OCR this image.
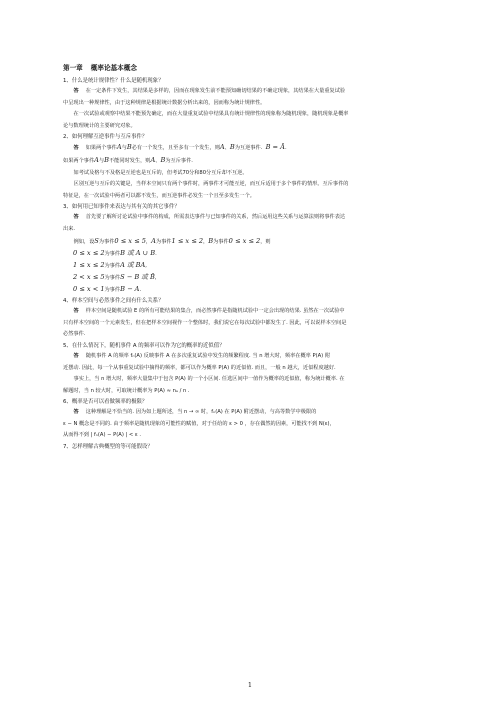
第一章 概率论基本概念

1、什么是统计规律性？什么是随机现象？

答 在一定条件下发生，其结果是多样的，因而在现象发生前不能预知确切结果的不确定现象，其结果在大量重复试验
中呈现出一种规律性，由于这种规律是根据统计数据分析出来的，因而称为统计规律性。

在一次试验或观察中结果不能预先确定，而在大量重复试验中结果具有统计规律性的现象称为随机现象，随机现象是概率
论与数理统计的主要研究对象。

2、如何理解互逆事件与互斥事件？

答 如果两个事件A与B必有一个发生，且至多有一个发生，则A、B为互逆事件. B = Ā.

如果两个事件A与B不能同时发生，则A、B为互斥事件.

如考试及格与不及格是互逆也是互斥的，但考试70分和80分互斥却不互逆。

区别互逆与互斥的关键是，当样本空间只有两个事件时，两事件才可能互逆，而互斥适用于多个事件的情形。互斥事件的
特征是，在一次试验中两者可以都不发生，而互逆事件必发生一个且至多发生一个。

3、如何用已知事件来表达与其有关的其它事件？

答 首先要了解所讨论试验中事件的构成，所需表达事件与已知事件的关系，然后运用这些关系与运算法则将事件表达
出来.

例如，设S为事件0 ≤ x ≤ 5，A为事件1 ≤ x ≤ 2，B为事件0 ≤ x ≤ 2，则

0 ≤ x ≤ 2为事件B 或 A ∪ B.

1 ≤ x ≤ 2为事件A 或 BA,

2 < x ≤ 5为事件S − B 或 B̄,

0 ≤ x < 1为事件B − A.

4、样本空间与必然事件之间有什么关系？

答 样本空间是随机试验 E 的所有可能结果的集合，而必然事件是指随机试验中一定会出现的结果. 虽然在一次试验中
只有样本空间的一个元素发生，但在把样本空间视作一个整体时，我们说它在每次试验中都发生了. 因此，可以说样本空间是
必然事件.

5、在什么情况下，随机事件 A 的频率可以作为它的概率的近似值？

答 随机事件 A 的频率 fₙ(A) 反映事件 A 在多次重复试验中发生的频繁程度. 当 n 增大时，频率在概率 P(A) 附
近摆动. 因此，每一个从事重复试验中摘得的频率，都可以作为概率 P(A) 的近似值. 而且，一般 n 越大，近似程度越好.

事实上，当 n 增大时，频率大量集中于包含 P(A) 的一个小区间. 任选区间中一值作为概率的近似值，称为统计概率. 在
解题时，当 n 较大时，可取统计概率为 P(A) ≈ nₐ / n .

6、概率是否可以看做频率的极限？

答 这种理解是不恰当的. 因为如上题所述，当 n → ∞ 时，fₙ(A) 在 P(A) 附近摆动，与高等数学中极限的
ε − N 概念是不同的. 由于频率是随机现象的可能性的赋值，对于任给的 ε > 0 ，存在偶然的因素，可能找不到 N(ε)，
从而得不到 | fₙ(A) − P(A) | < ε .

7、怎样理解古典概型的等可能假设？

1
